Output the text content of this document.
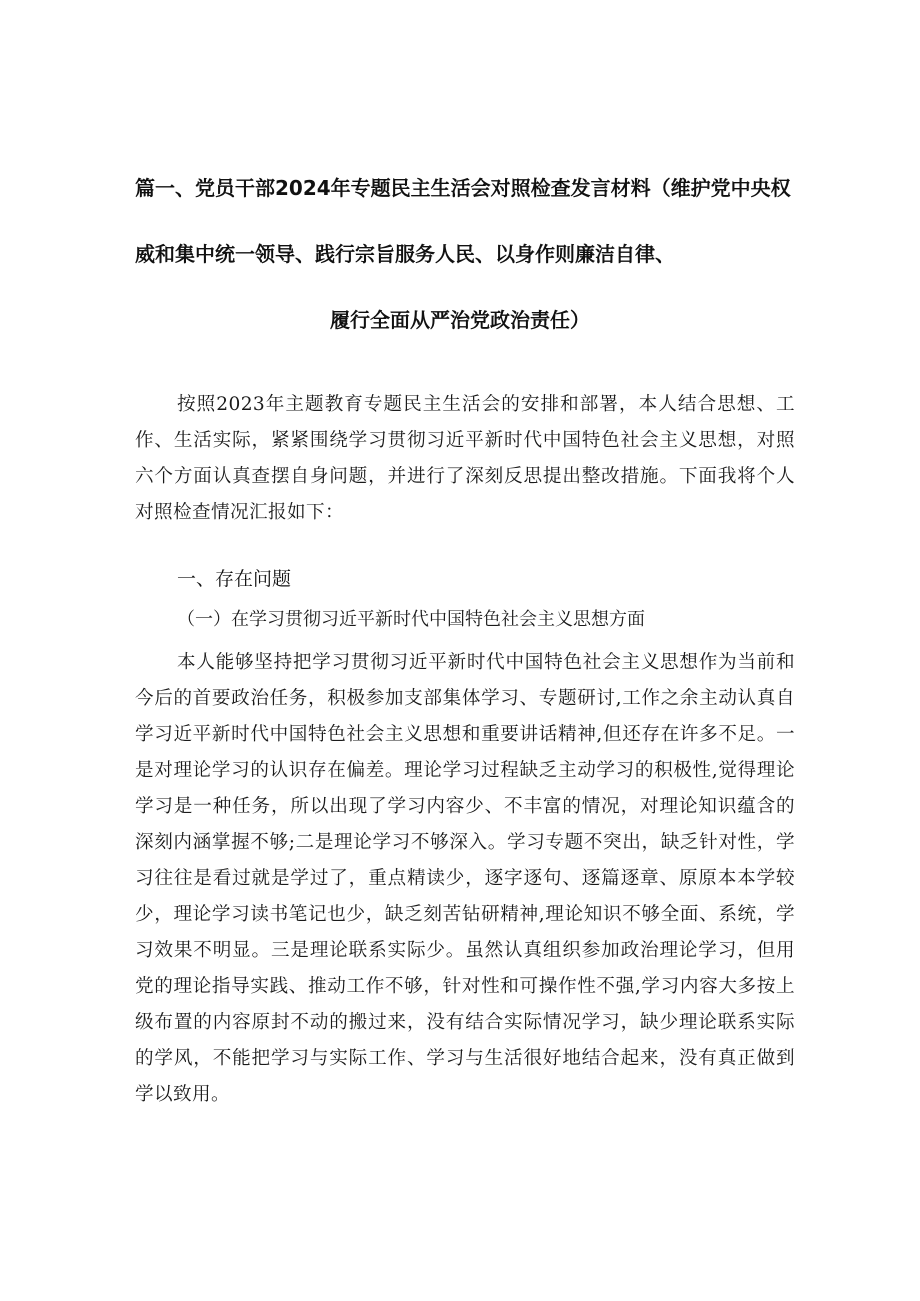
篇一、党员干部2024年专题民主生活会对照检查发言材料（维护党中央权
威和集中统一领导、践行宗旨服务人民、以身作则廉洁自律、
履行全面从严治党政治责任）

按照2023年主题教育专题民主生活会的安排和部署，本人结合思想、工作、生活实际，紧紧围绕学习贯彻习近平新时代中国特色社会主义思想，对照六个方面认真查摆自身问题，并进行了深刻反思提出整改措施。下面我将个人对照检查情况汇报如下：

一、存在问题
（一）在学习贯彻习近平新时代中国特色社会主义思想方面

本人能够坚持把学习贯彻习近平新时代中国特色社会主义思想作为当前和今后的首要政治任务，积极参加支部集体学习、专题研讨,工作之余主动认真自学习近平新时代中国特色社会主义思想和重要讲话精神,但还存在许多不足。一是对理论学习的认识存在偏差。理论学习过程缺乏主动学习的积极性,觉得理论学习是一种任务，所以出现了学习内容少、不丰富的情况，对理论知识蕴含的深刻内涵掌握不够;二是理论学习不够深入。学习专题不突出，缺乏针对性，学习往往是看过就是学过了，重点精读少，逐字逐句、逐篇逐章、原原本本学较少，理论学习读书笔记也少，缺乏刻苦钻研精神,理论知识不够全面、系统，学习效果不明显。三是理论联系实际少。虽然认真组织参加政治理论学习，但用党的理论指导实践、推动工作不够，针对性和可操作性不强,学习内容大多按上级布置的内容原封不动的搬过来，没有结合实际情况学习，缺少理论联系实际的学风，不能把学习与实际工作、学习与生活很好地结合起来，没有真正做到学以致用。
